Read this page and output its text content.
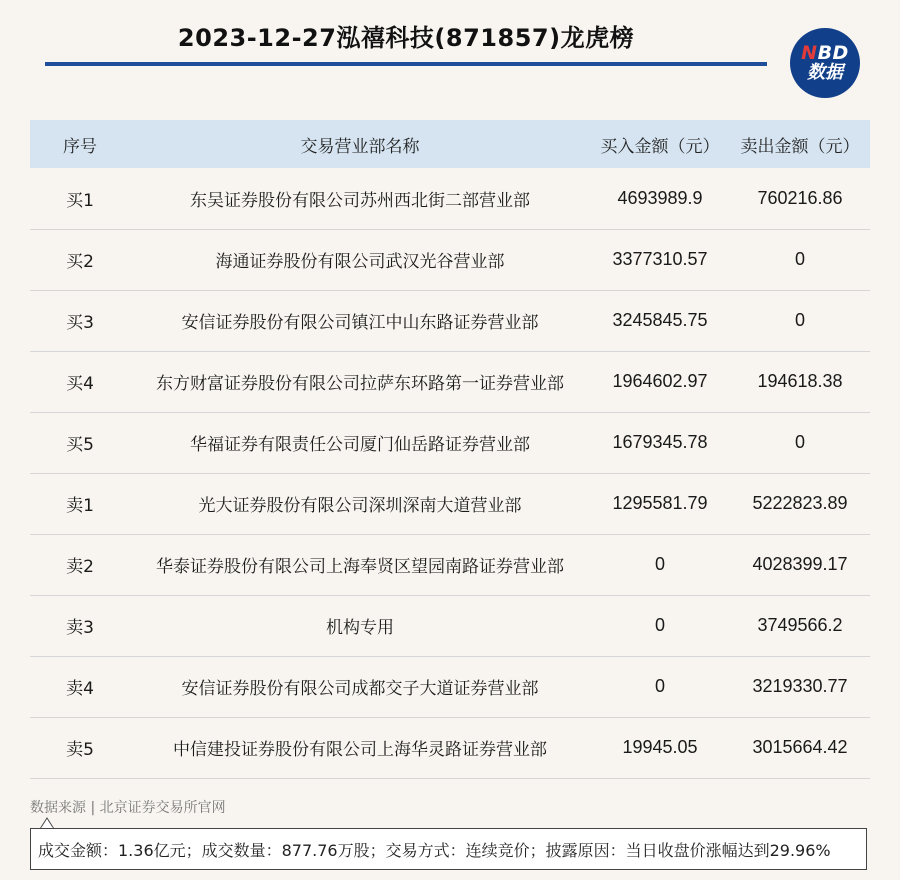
2023-12-27泓禧科技(871857)龙虎榜
NBD
数据
序号	交易营业部名称	买入金额（元）	卖出金额（元）
买1	东吴证券股份有限公司苏州西北街二部营业部	4693989.9	760216.86
买2	海通证券股份有限公司武汉光谷营业部	3377310.57	0
买3	安信证券股份有限公司镇江中山东路证券营业部	3245845.75	0
买4	东方财富证券股份有限公司拉萨东环路第一证券营业部	1964602.97	194618.38
买5	华福证券有限责任公司厦门仙岳路证券营业部	1679345.78	0
卖1	光大证券股份有限公司深圳深南大道营业部	1295581.79	5222823.89
卖2	华泰证券股份有限公司上海奉贤区望园南路证券营业部	0	4028399.17
卖3	机构专用	0	3749566.2
卖4	安信证券股份有限公司成都交子大道证券营业部	0	3219330.77
卖5	中信建投证券股份有限公司上海华灵路证券营业部	19945.05	3015664.42
数据来源 | 北京证券交易所官网
成交金额：1.36亿元；成交数量：877.76万股；交易方式：连续竞价；披露原因：当日收盘价涨幅达到29.96%
